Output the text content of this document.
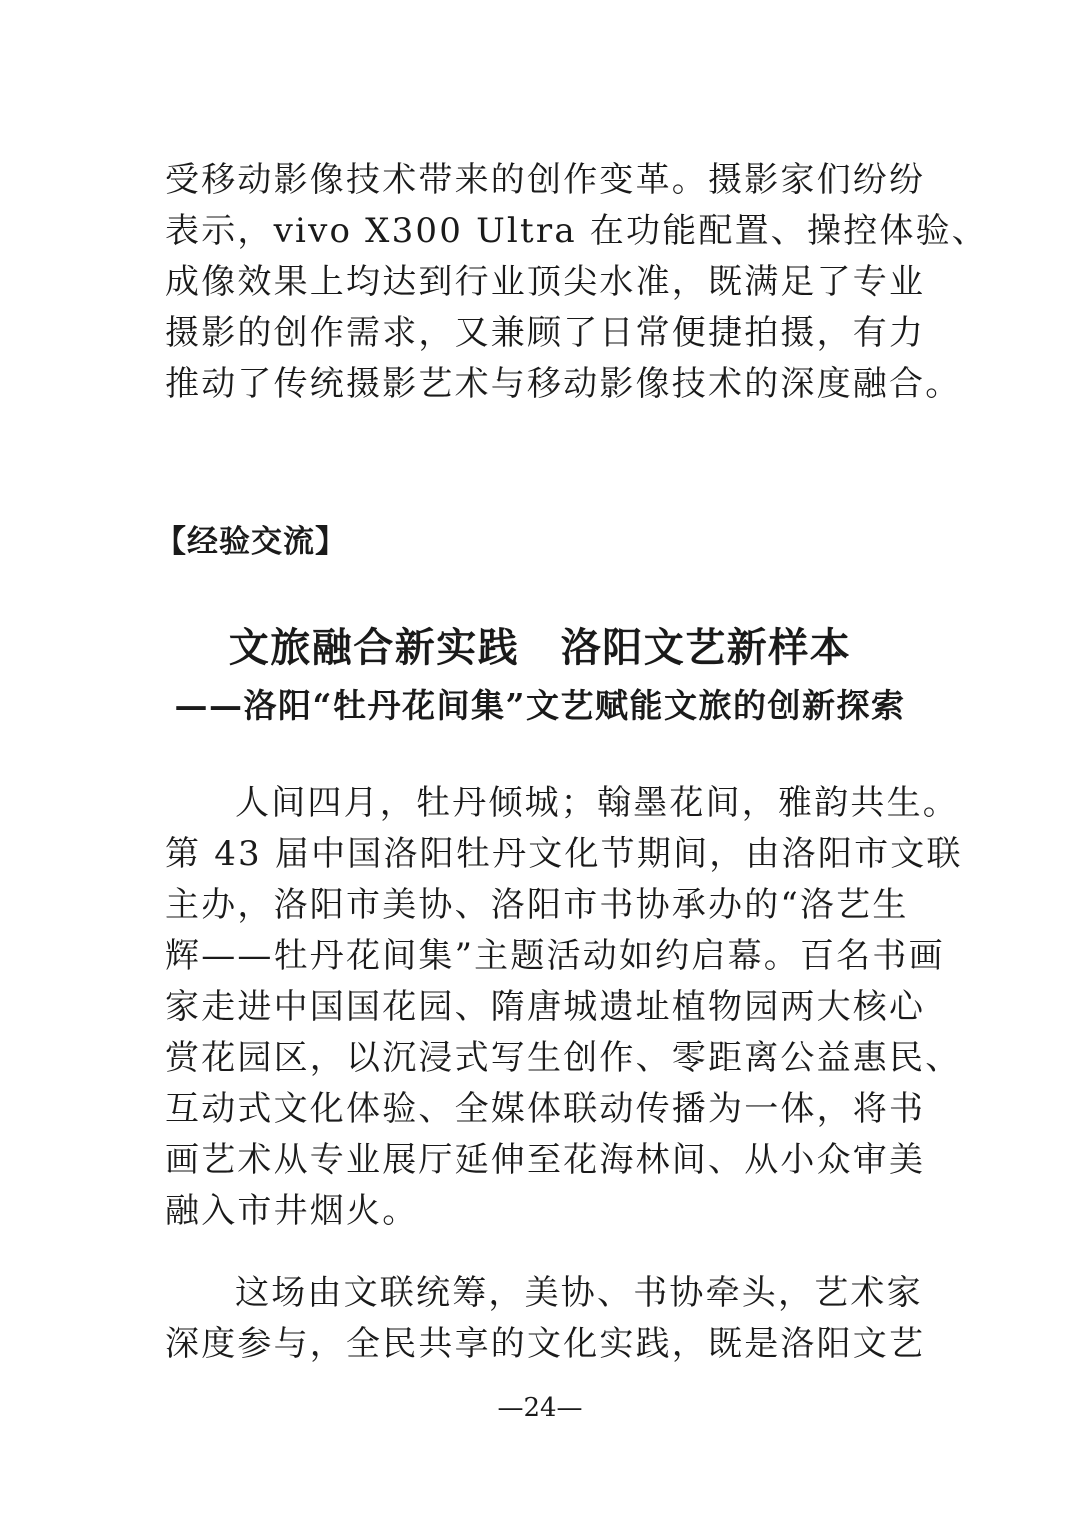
受移动影像技术带来的创作变革。摄影家们纷纷
表示，vivo X300 Ultra 在功能配置、操控体验、
成像效果上均达到行业顶尖水准，既满足了专业
摄影的创作需求，又兼顾了日常便捷拍摄，有力
推动了传统摄影艺术与移动影像技术的深度融合。

【经验交流】

文旅融合新实践　洛阳文艺新样本
——洛阳“牡丹花间集”文艺赋能文旅的创新探索
人间四月，牡丹倾城；翰墨花间，雅韵共生。
第 43 届中国洛阳牡丹文化节期间，由洛阳市文联
主办，洛阳市美协、洛阳市书协承办的“洛艺生
辉——牡丹花间集”主题活动如约启幕。百名书画
家走进中国国花园、隋唐城遗址植物园两大核心
赏花园区，以沉浸式写生创作、零距离公益惠民、
互动式文化体验、全媒体联动传播为一体，将书
画艺术从专业展厅延伸至花海林间、从小众审美
融入市井烟火。
这场由文联统筹，美协、书协牵头，艺术家
深度参与，全民共享的文化实践，既是洛阳文艺

—24—
